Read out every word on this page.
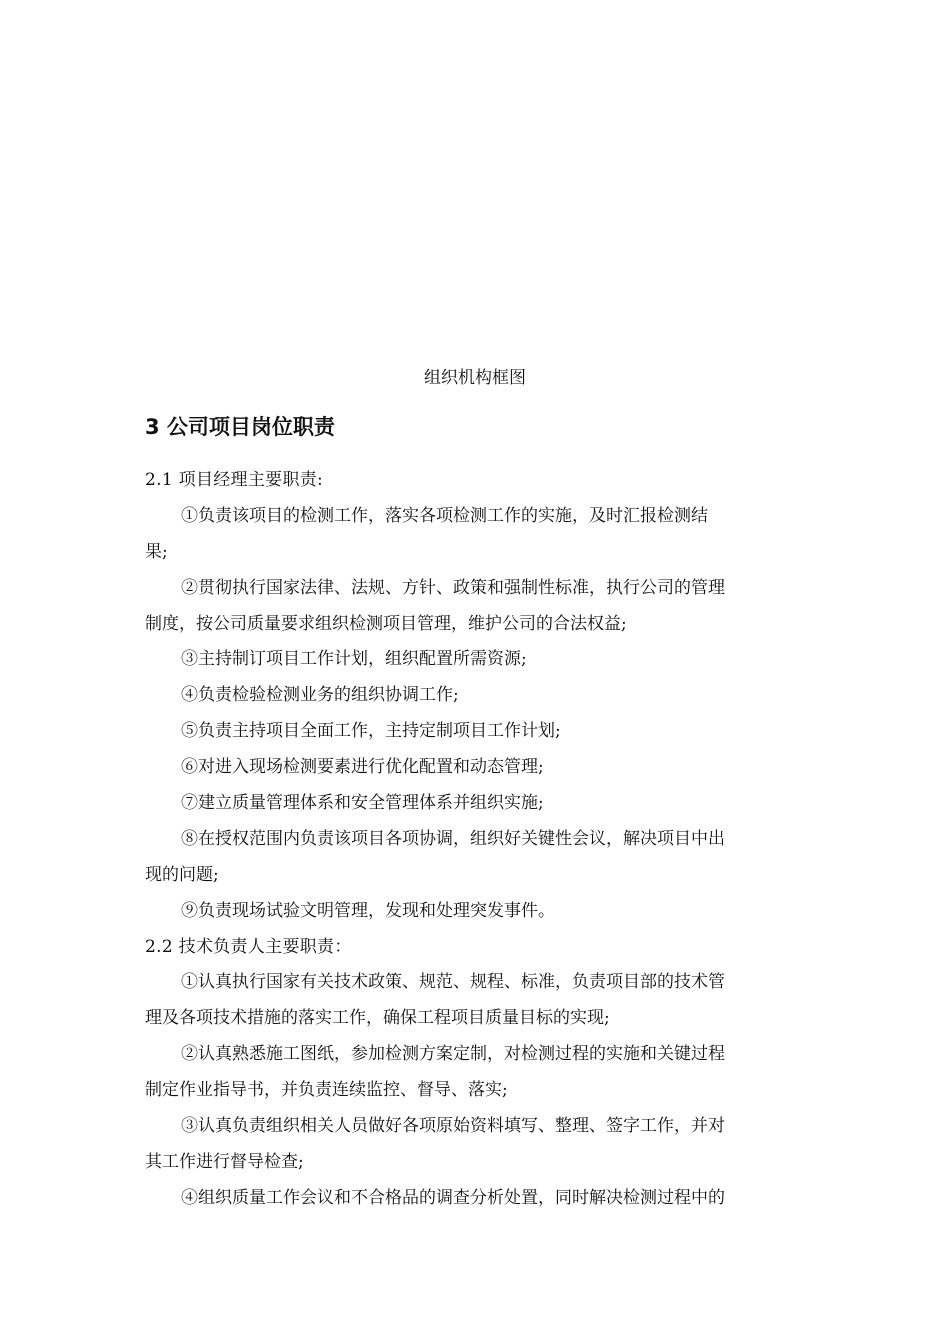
组织机构框图
3 公司项目岗位职责
2.1 项目经理主要职责:
①负责该项目的检测工作，落实各项检测工作的实施，及时汇报检测结
果;
②贯彻执行国家法律、法规、方针、政策和强制性标准，执行公司的管理
制度，按公司质量要求组织检测项目管理，维护公司的合法权益;
③主持制订项目工作计划，组织配置所需资源;
④负责检验检测业务的组织协调工作;
⑤负责主持项目全面工作，主持定制项目工作计划;
⑥对进入现场检测要素进行优化配置和动态管理;
⑦建立质量管理体系和安全管理体系并组织实施;
⑧在授权范围内负责该项目各项协调，组织好关键性会议，解决项目中出
现的问题;
⑨负责现场试验文明管理，发现和处理突发事件。
2.2 技术负责人主要职责：
①认真执行国家有关技术政策、规范、规程、标准，负责项目部的技术管
理及各项技术措施的落实工作，确保工程项目质量目标的实现;
②认真熟悉施工图纸，参加检测方案定制，对检测过程的实施和关键过程
制定作业指导书，并负责连续监控、督导、落实;
③认真负责组织相关人员做好各项原始资料填写、整理、签字工作，并对
其工作进行督导检查;
④组织质量工作会议和不合格品的调查分析处置，同时解决检测过程中的
